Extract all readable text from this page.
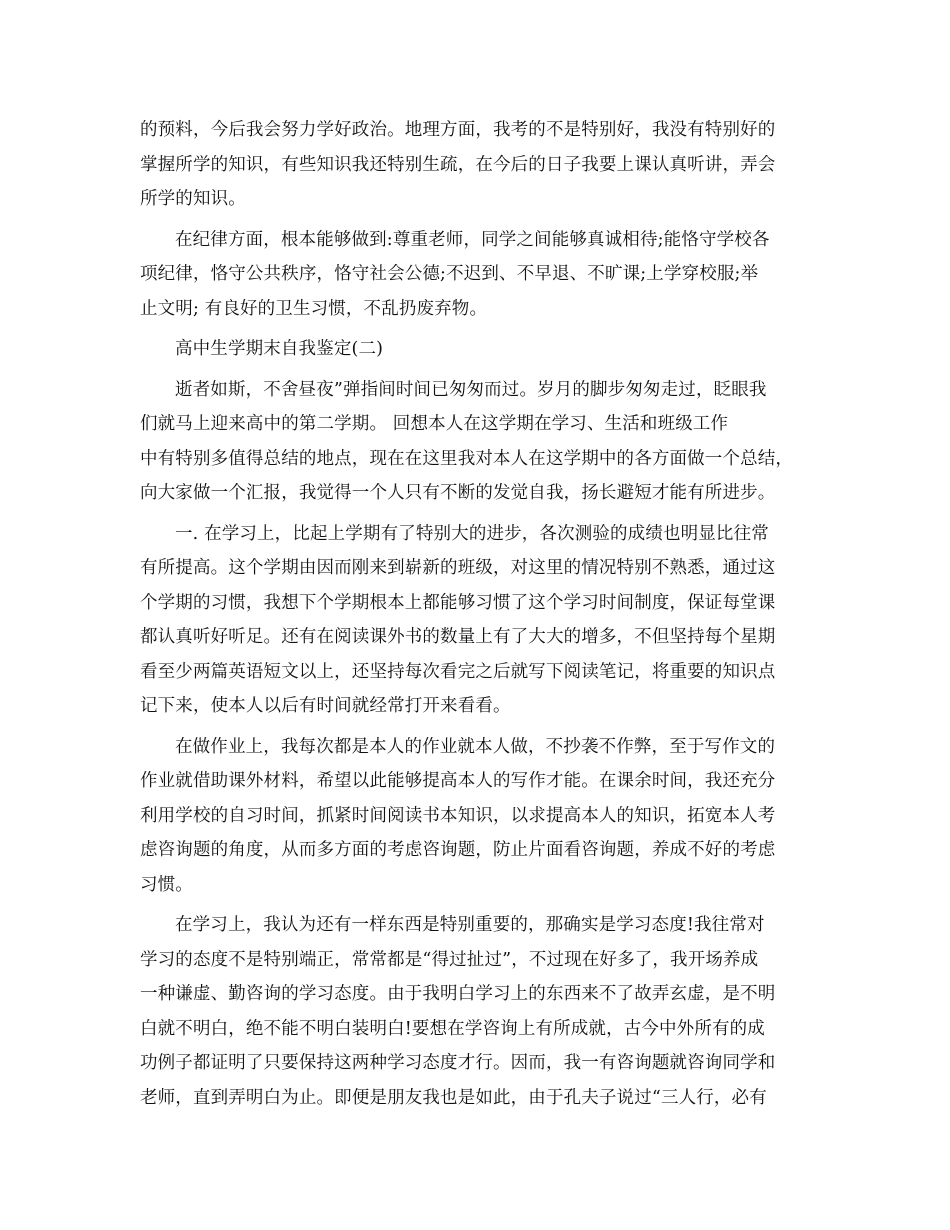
的预料，今后我会努力学好政治。地理方面，我考的不是特别好，我没有特别好的
掌握所学的知识，有些知识我还特别生疏，在今后的日子我要上课认真听讲，弄会
所学的知识。
在纪律方面，根本能够做到:尊重老师，同学之间能够真诚相待;能恪守学校各
项纪律，恪守公共秩序，恪守社会公德;不迟到、不早退、不旷课;上学穿校服;举
止文明; 有良好的卫生习惯，不乱扔废弃物。
高中生学期末自我鉴定(二)
逝者如斯，不舍昼夜”弹指间时间已匆匆而过。岁月的脚步匆匆走过，眨眼我
们就马上迎来高中的第二学期。 回想本人在这学期在学习、生活和班级工作
中有特别多值得总结的地点，现在在这里我对本人在这学期中的各方面做一个总结，
向大家做一个汇报，我觉得一个人只有不断的发觉自我，扬长避短才能有所进步。
一. 在学习上，比起上学期有了特别大的进步，各次测验的成绩也明显比往常
有所提高。这个学期由因而刚来到崭新的班级，对这里的情况特别不熟悉，通过这
个学期的习惯，我想下个学期根本上都能够习惯了这个学习时间制度，保证每堂课
都认真听好听足。还有在阅读课外书的数量上有了大大的增多，不但坚持每个星期
看至少两篇英语短文以上，还坚持每次看完之后就写下阅读笔记，将重要的知识点
记下来，使本人以后有时间就经常打开来看看。
在做作业上，我每次都是本人的作业就本人做，不抄袭不作弊，至于写作文的
作业就借助课外材料，希望以此能够提高本人的写作才能。在课余时间，我还充分
利用学校的自习时间，抓紧时间阅读书本知识，以求提高本人的知识，拓宽本人考
虑咨询题的角度，从而多方面的考虑咨询题，防止片面看咨询题，养成不好的考虑
习惯。
在学习上，我认为还有一样东西是特别重要的，那确实是学习态度!我往常对
学习的态度不是特别端正，常常都是“得过扯过”，不过现在好多了，我开场养成
一种谦虚、勤咨询的学习态度。由于我明白学习上的东西来不了故弄玄虚，是不明
白就不明白，绝不能不明白装明白!要想在学咨询上有所成就，古今中外所有的成
功例子都证明了只要保持这两种学习态度才行。因而，我一有咨询题就咨询同学和
老师，直到弄明白为止。即便是朋友我也是如此，由于孔夫子说过“三人行，必有
